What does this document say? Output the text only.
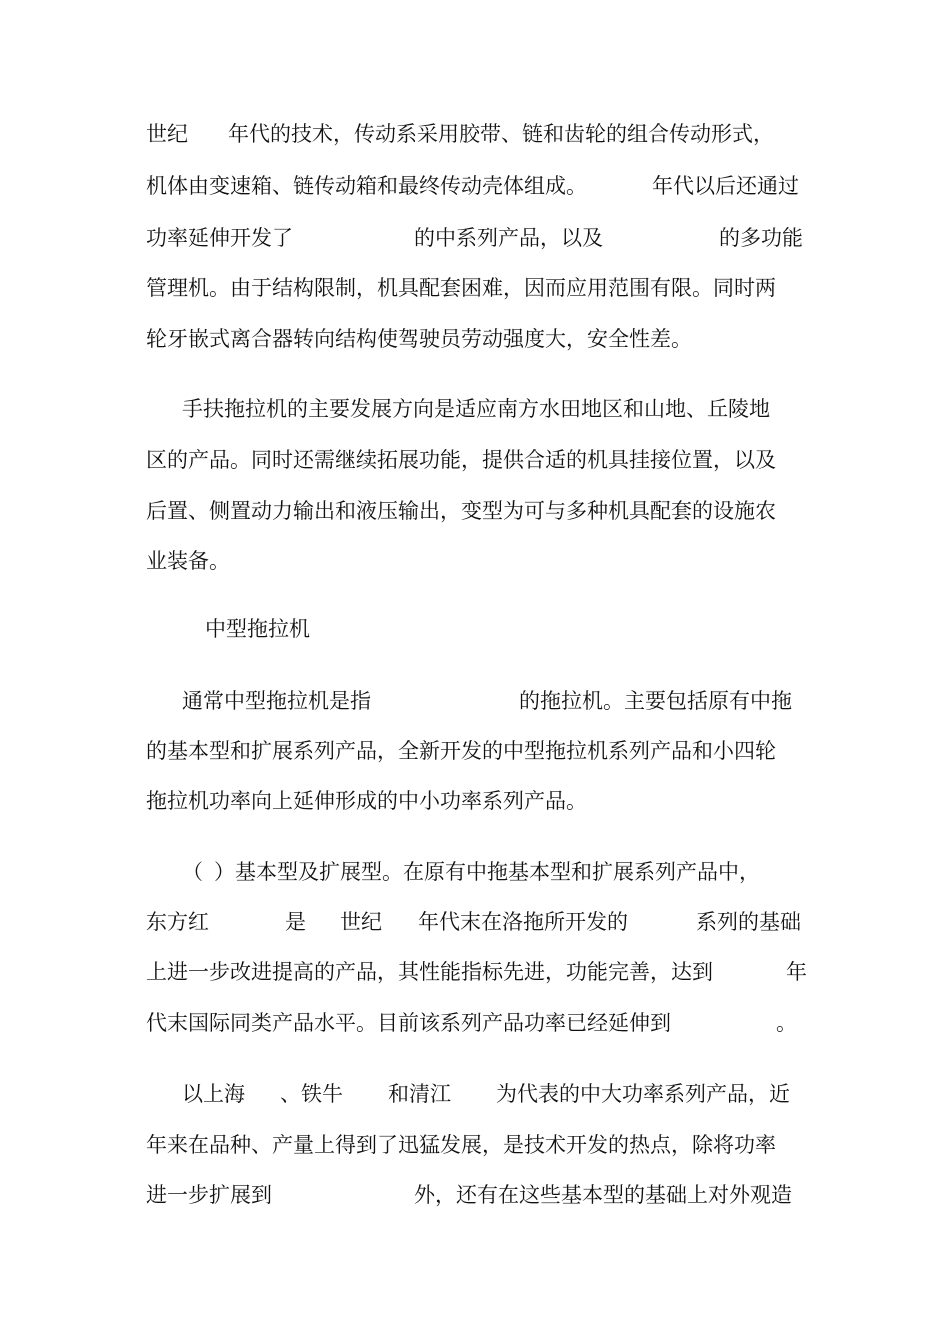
世纪 年代的技术，传动系采用胶带、链和齿轮的组合传动形式，
机体由变速箱、链传动箱和最终传动壳体组成。	年代以后还通过
功率延伸开发了	的中系列产品，以及	的多功能
管理机。由于结构限制，机具配套困难，因而应用范围有限。同时两
轮牙嵌式离合器转向结构使驾驶员劳动强度大，安全性差。
手扶拖拉机的主要发展方向是适应南方水田地区和山地、丘陵地
区的产品。同时还需继续拓展功能，提供合适的机具挂接位置，以及
后置、侧置动力输出和液压输出，变型为可与多种机具配套的设施农
业装备。
中型拖拉机
通常中型拖拉机是指	的拖拉机。主要包括原有中拖
的基本型和扩展系列产品，全新开发的中型拖拉机系列产品和小四轮
拖拉机功率向上延伸形成的中小功率系列产品。
（ ）基本型及扩展型。在原有中拖基本型和扩展系列产品中，
东方红	是 世纪 年代末在洛拖所开发的	系列的基础
上进一步改进提高的产品，其性能指标先进，功能完善，达到	年
代末国际同类产品水平。目前该系列产品功率已经延伸到	。
以上海 、铁牛 和清江 为代表的中大功率系列产品，近
年来在品种、产量上得到了迅猛发展，是技术开发的热点，除将功率
进一步扩展到	外，还有在这些基本型的基础上对外观造
